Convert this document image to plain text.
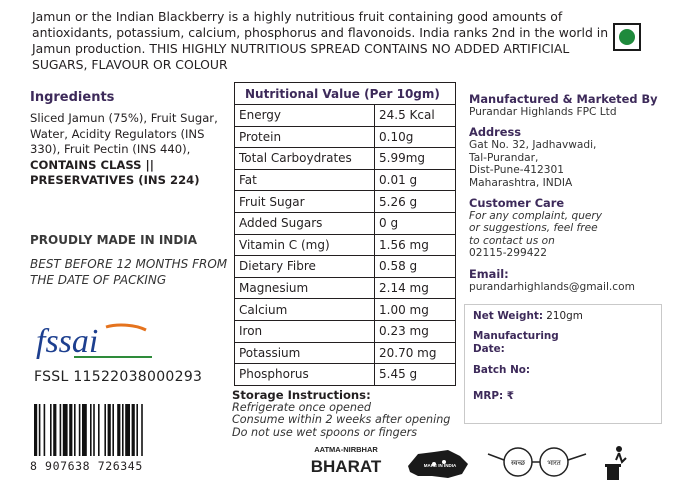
Jamun or the Indian Blackberry is a highly nutritious fruit containing good amounts of antioxidants, potassium, calcium, phosphorus and flavonoids. India ranks 2nd in the world in Jamun production. THIS HIGHLY NUTRITIOUS SPREAD CONTAINS NO ADDED ARTIFICIAL SUGARS, FLAVOUR OR COLOUR
Ingredients
Sliced Jamun (75%), Fruit Sugar, Water, Acidity Regulators (INS 330), Fruit Pectin (INS 440),
CONTAINS CLASS || PRESERVATIVES (INS 224)
PROUDLY MADE IN INDIA
BEST BEFORE 12 MONTHS FROM THE DATE OF PACKING
fssai
FSSL 11522038000293
8 907638 726345
Nutritional Value (Per 10gm)	
Energy	24.5 Kcal
Protein	0.10g
Total Carboydrates	5.99mg
Fat	0.01 g
Fruit Sugar	5.26 g
Added Sugars	0 g
Vitamin C (mg)	1.56 mg
Dietary Fibre	0.58 g
Magnesium	2.14 mg
Calcium	1.00 mg
Iron	0.23 mg
Potassium	20.70 mg
Phosphorus	5.45 g
Storage Instructions:
Refrigerate once opened
Consume within 2 weeks after opening
Do not use wet spoons or fingers
Manufactured & Marketed By
Purandar Highlands FPC Ltd
Address
Gat No. 32, Jadhavwadi,
Tal-Purandar,
Dist-Pune-412301
Maharashtra, INDIA
Customer Care
For any complaint, query
or suggestions, feel free
to contact us on
02115-299422
Email:
purandarhighlands@gmail.com
Net Weight: 210gm
Manufacturing
Date:
Batch No:
MRP: ₹
AATMA-NIRBHAR
BHARAT	MAKE IN INDIA	स्वच्छ	भारत
